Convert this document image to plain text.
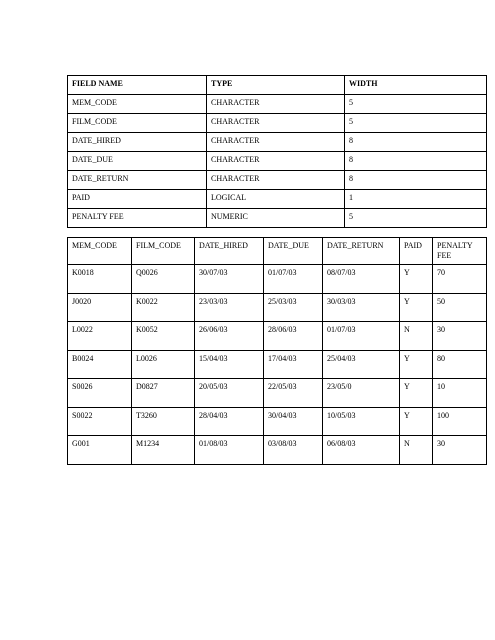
FIELD NAME	TYPE	WIDTH
MEM_CODE	CHARACTER	5
FILM_CODE	CHARACTER	5
DATE_HIRED	CHARACTER	8
DATE_DUE	CHARACTER	8
DATE_RETURN	CHARACTER	8
PAID	LOGICAL	1
PENALTY FEE	NUMERIC	5
MEM_CODE	FILM_CODE	DATE_HIRED	DATE_DUE	DATE_RETURN	PAID	PENALTY FEE
K0018	Q0026	30/07/03	01/07/03	08/07/03	Y	70
J0020	K0022	23/03/03	25/03/03	30/03/03	Y	50
L0022	K0052	26/06/03	28/06/03	01/07/03	N	30
B0024	L0026	15/04/03	17/04/03	25/04/03	Y	80
S0026	D0827	20/05/03	22/05/03	23/05/0	Y	10
S0022	T3260	28/04/03	30/04/03	10/05/03	Y	100
G001	M1234	01/08/03	03/08/03	06/08/03	N	30
